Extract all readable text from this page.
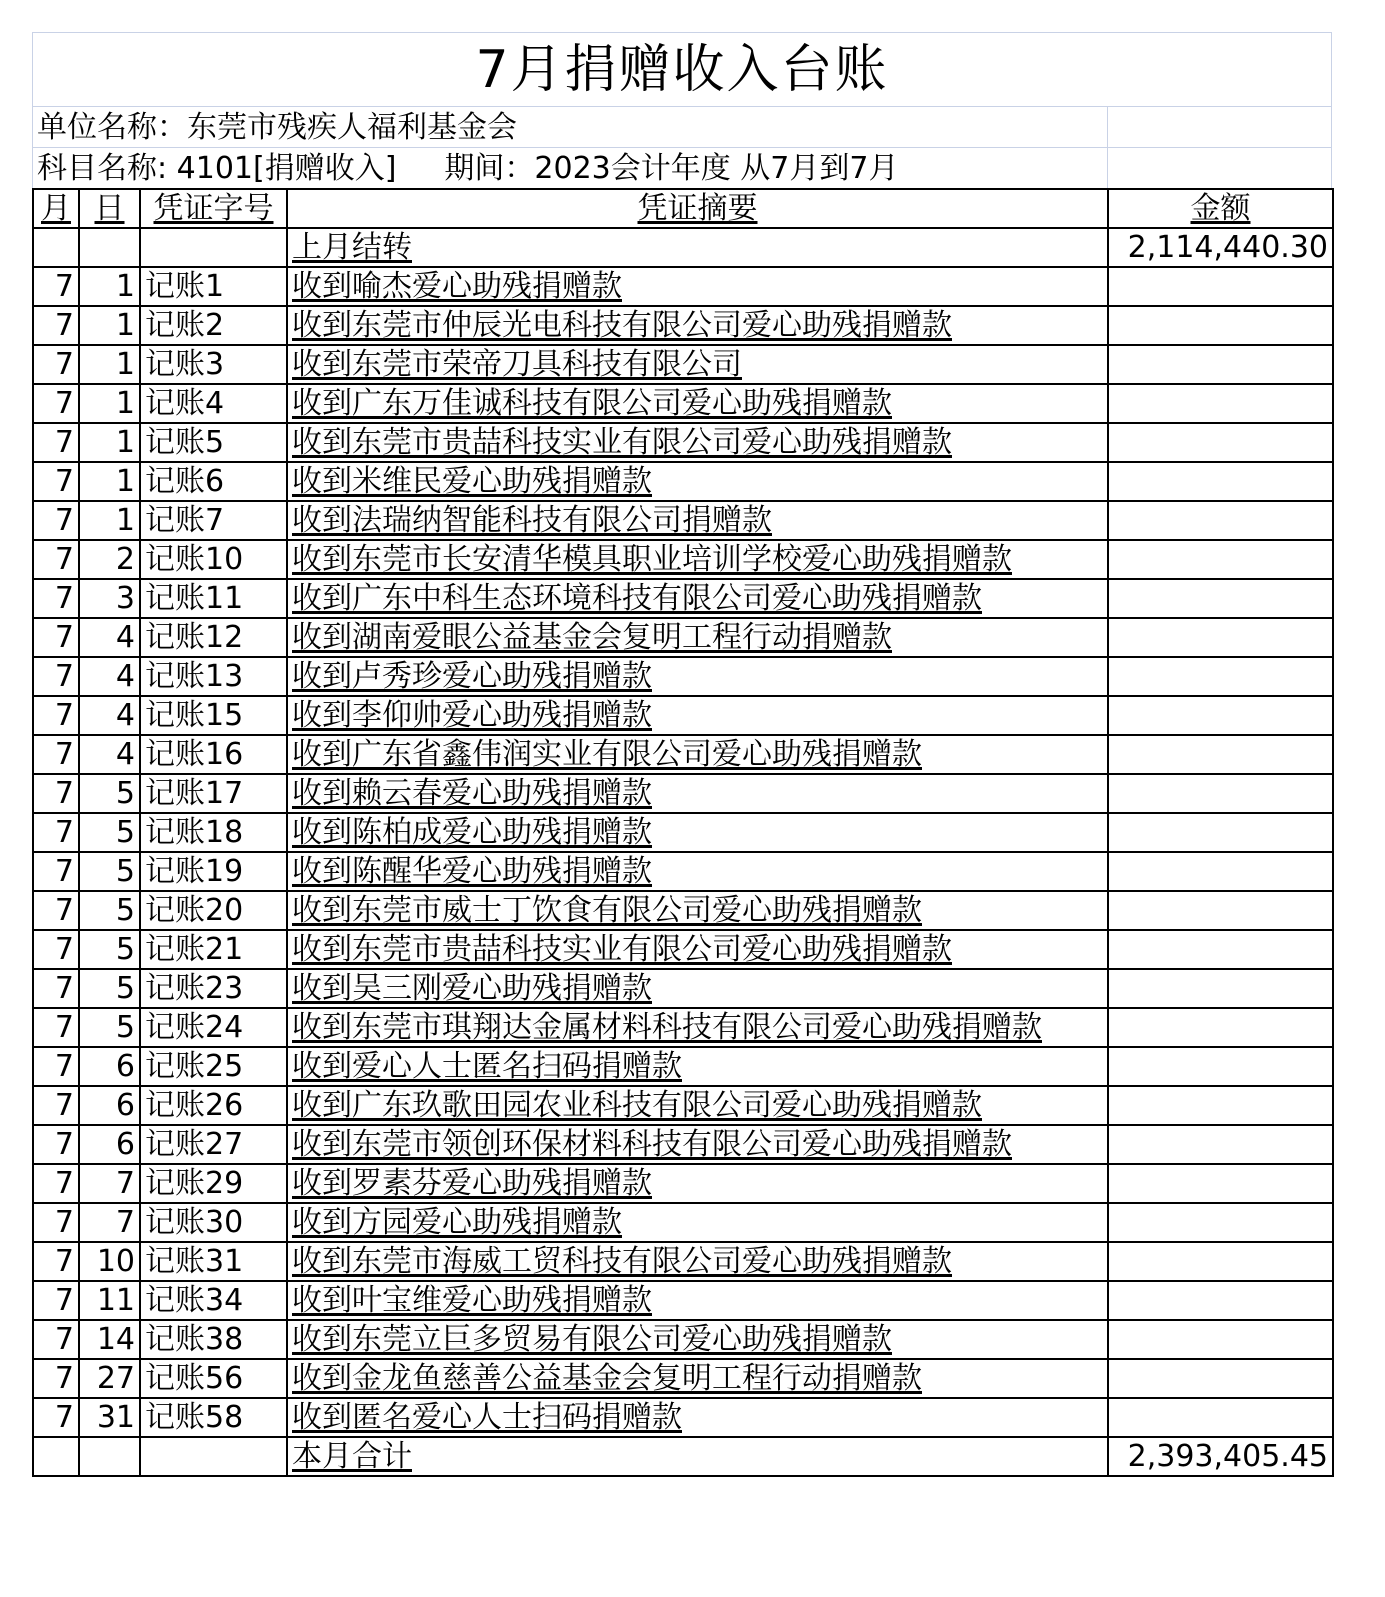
7月捐赠收入台账
单位名称：东莞市残疾人福利基金会
科目名称: 4101[捐赠收入] 期间：2023会计年度 从7月到7月
月	日	凭证字号	凭证摘要	金额
			上月结转	2,114,440.30
7	1	记账1	收到喻杰爱心助残捐赠款	
7	1	记账2	收到东莞市仲辰光电科技有限公司爱心助残捐赠款	
7	1	记账3	收到东莞市荣帝刀具科技有限公司	
7	1	记账4	收到广东万佳诚科技有限公司爱心助残捐赠款	
7	1	记账5	收到东莞市贵喆科技实业有限公司爱心助残捐赠款	
7	1	记账6	收到米维民爱心助残捐赠款	
7	1	记账7	收到法瑞纳智能科技有限公司捐赠款	
7	2	记账10	收到东莞市长安清华模具职业培训学校爱心助残捐赠款	
7	3	记账11	收到广东中科生态环境科技有限公司爱心助残捐赠款	
7	4	记账12	收到湖南爱眼公益基金会复明工程行动捐赠款	
7	4	记账13	收到卢秀珍爱心助残捐赠款	
7	4	记账15	收到李仰帅爱心助残捐赠款	
7	4	记账16	收到广东省鑫伟润实业有限公司爱心助残捐赠款	
7	5	记账17	收到赖云春爱心助残捐赠款	
7	5	记账18	收到陈柏成爱心助残捐赠款	
7	5	记账19	收到陈醒华爱心助残捐赠款	
7	5	记账20	收到东莞市威士丁饮食有限公司爱心助残捐赠款	
7	5	记账21	收到东莞市贵喆科技实业有限公司爱心助残捐赠款	
7	5	记账23	收到吴三刚爱心助残捐赠款	
7	5	记账24	收到东莞市琪翔达金属材料科技有限公司爱心助残捐赠款	
7	6	记账25	收到爱心人士匿名扫码捐赠款	
7	6	记账26	收到广东玖歌田园农业科技有限公司爱心助残捐赠款	
7	6	记账27	收到东莞市领创环保材料科技有限公司爱心助残捐赠款	
7	7	记账29	收到罗素芬爱心助残捐赠款	
7	7	记账30	收到方园爱心助残捐赠款	
7	10	记账31	收到东莞市海威工贸科技有限公司爱心助残捐赠款	
7	11	记账34	收到叶宝维爱心助残捐赠款	
7	14	记账38	收到东莞立巨多贸易有限公司爱心助残捐赠款	
7	27	记账56	收到金龙鱼慈善公益基金会复明工程行动捐赠款	
7	31	记账58	收到匿名爱心人士扫码捐赠款	
			本月合计	2,393,405.45
